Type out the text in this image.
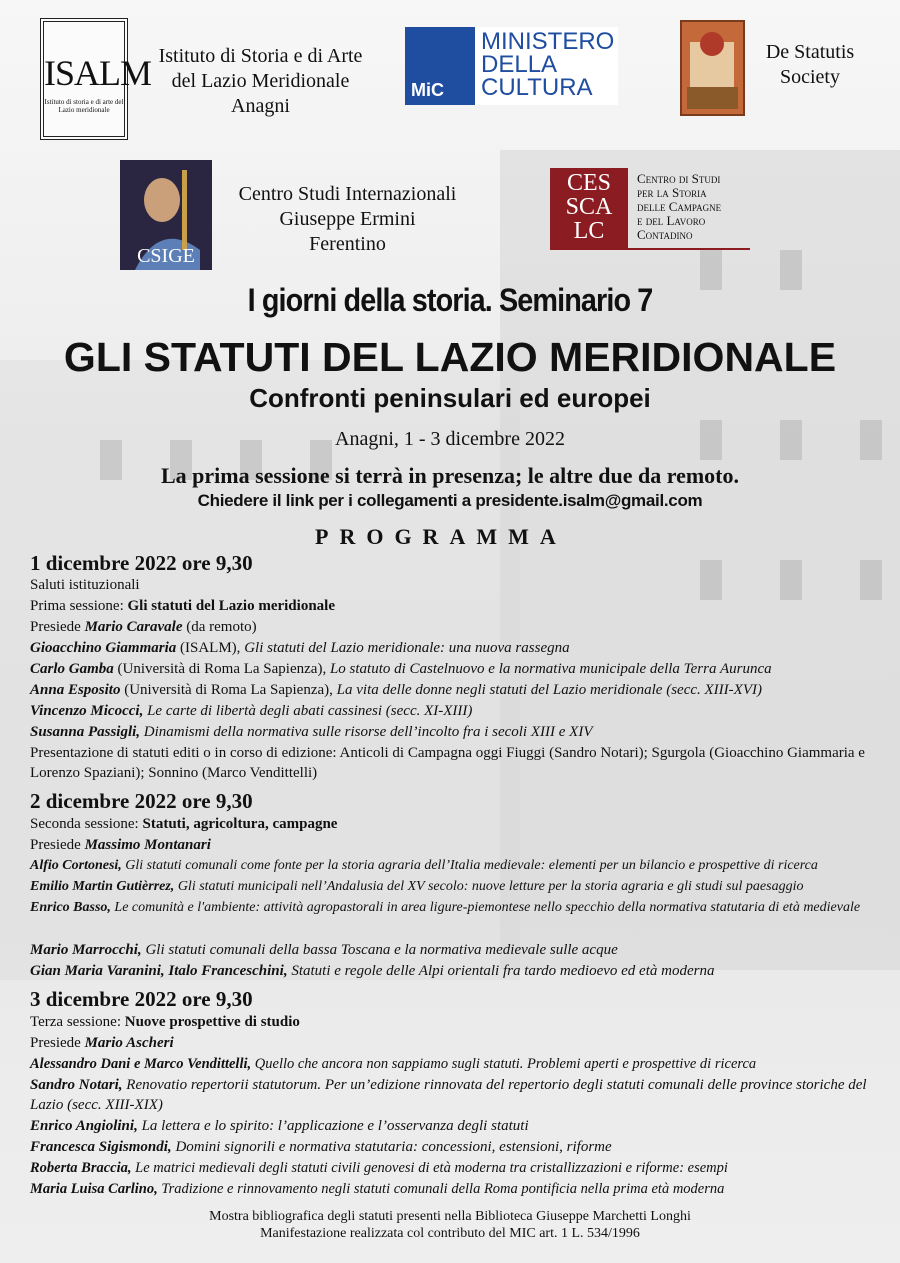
ISALM
Istituto di storia e di arte del Lazio meridionale
Istituto di Storia e di Arte
del Lazio Meridionale
Anagni
MiC
MINISTERO
DELLA
CULTURA
De Statutis
Society
CSIGE
Centro Studi Internazionali
Giuseppe Ermini
Ferentino
CES
SCA
LC
Centro di Studi
per la Storia
delle Campagne
e del Lavoro
Contadino
I giorni della storia. Seminario 7
GLI STATUTI DEL LAZIO MERIDIONALE
Confronti peninsulari ed europei
Anagni, 1 - 3 dicembre 2022
La prima sessione si terrà in presenza; le altre due da remoto.
Chiedere il link per i collegamenti a presidente.isalm@gmail.com
PROGRAMMA
1 dicembre 2022 ore 9,30
Saluti istituzionali
Prima sessione: Gli statuti del Lazio meridionale
Presiede Mario Caravale (da remoto)
Gioacchino Giammaria (ISALM), Gli statuti del Lazio meridionale: una nuova rassegna
Carlo Gamba (Università di Roma La Sapienza), Lo statuto di Castelnuovo e la normativa municipale della Terra Aurunca
Anna Esposito (Università di Roma La Sapienza), La vita delle donne negli statuti del Lazio meridionale (secc. XIII-XVI)
Vincenzo Micocci, Le carte di libertà degli abati cassinesi (secc. XI-XIII)
Susanna Passigli, Dinamismi della normativa sulle risorse dell’incolto fra i secoli XIII e XIV
Presentazione di statuti editi o in corso di edizione: Anticoli di Campagna oggi Fiuggi (Sandro Notari); Sgurgola (Gioacchino Giammaria e Lorenzo Spaziani); Sonnino (Marco Vendittelli)
2 dicembre 2022 ore 9,30
Seconda sessione: Statuti, agricoltura, campagne
Presiede Massimo Montanari
Alfio Cortonesi, Gli statuti comunali come fonte per la storia agraria dell’Italia medievale: elementi per un bilancio e prospettive di ricerca
Emilio Martin Gutièrrez, Gli statuti municipali nell’Andalusia del XV secolo: nuove letture per la storia agraria e gli studi sul paesaggio
Enrico Basso, Le comunità e l'ambiente: attività agropastorali in area ligure-piemontese nello specchio della normativa statutaria di età medievale
Mario Marrocchi, Gli statuti comunali della bassa Toscana e la normativa medievale sulle acque
Gian Maria Varanini, Italo Franceschini, Statuti e regole delle Alpi orientali fra tardo medioevo ed età moderna
3 dicembre 2022 ore 9,30
Terza sessione: Nuove prospettive di studio
Presiede Mario Ascheri
Alessandro Dani e Marco Vendittelli, Quello che ancora non sappiamo sugli statuti. Problemi aperti e prospettive di ricerca
Sandro Notari, Renovatio repertorii statutorum. Per un’edizione rinnovata del repertorio degli statuti comunali delle province storiche del Lazio (secc. XIII-XIX)
Enrico Angiolini, La lettera e lo spirito: l’applicazione e l’osservanza degli statuti
Francesca Sigismondi, Domini signorili e normativa statutaria: concessioni, estensioni, riforme
Roberta Braccia, Le matrici medievali degli statuti civili genovesi di età moderna tra cristallizzazioni e riforme: esempi
Maria Luisa Carlino, Tradizione e rinnovamento negli statuti comunali della Roma pontificia nella prima età moderna
Mostra bibliografica degli statuti presenti nella Biblioteca Giuseppe Marchetti Longhi
Manifestazione realizzata col contributo del MIC art. 1 L. 534/1996
